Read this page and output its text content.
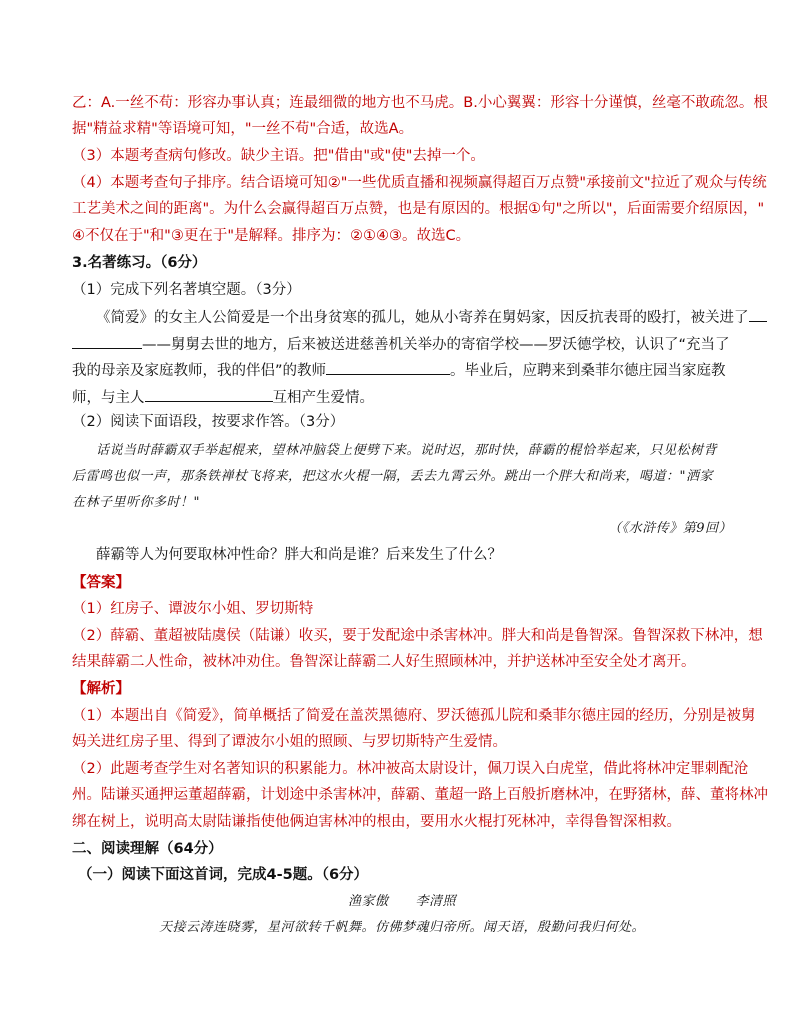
乙：A.一丝不苟：形容办事认真；连最细微的地方也不马虎。B.小心翼翼：形容十分谨慎，丝毫不敢疏忽。根
据"精益求精"等语境可知，"一丝不苟"合适，故选A。
（3）本题考查病句修改。缺少主语。把"借由"或"使"去掉一个。
（4）本题考查句子排序。结合语境可知②"一些优质直播和视频赢得超百万点赞"承接前文"拉近了观众与传统
工艺美术之间的距离"。为什么会赢得超百万点赞，也是有原因的。根据①句"之所以"，后面需要介绍原因，"
④不仅在于"和"③更在于"是解释。排序为：②①④③。故选C。
3.名著练习。（6分）
（1）完成下列名著填空题。（3分）
《简爱》的女主人公简爱是一个出身贫寒的孤儿，她从小寄养在舅妈家，因反抗表哥的殴打，被关进了
——舅舅去世的地方，后来被送进慈善机关举办的寄宿学校——罗沃德学校，认识了“充当了
我的母亲及家庭教师，我的伴侣”的教师	。毕业后，应聘来到桑菲尔德庄园当家庭教
师，与主人	互相产生爱情。
（2）阅读下面语段，按要求作答。（3分）
话说当时薛霸双手举起棍来，望林冲脑袋上便劈下来。说时迟，那时快，薛霸的棍恰举起来，只见松树背
后雷鸣也似一声，那条铁禅杖飞将来，把这水火棍一隔，丢去九霄云外。跳出一个胖大和尚来，喝道："洒家
在林子里听你多时！"
（《水浒传》第9回）
薛霸等人为何要取林冲性命？胖大和尚是谁？后来发生了什么？
【答案】
（1）红房子、谭波尔小姐、罗切斯特
（2）薛霸、董超被陆虞侯（陆谦）收买，要于发配途中杀害林冲。胖大和尚是鲁智深。鲁智深救下林冲，想
结果薛霸二人性命，被林冲劝住。鲁智深让薛霸二人好生照顾林冲，并护送林冲至安全处才离开。
【解析】
（1）本题出自《简爱》，简单概括了简爱在盖茨黑德府、罗沃德孤儿院和桑菲尔德庄园的经历，分别是被舅
妈关进红房子里、得到了谭波尔小姐的照顾、与罗切斯特产生爱情。
（2）此题考查学生对名著知识的积累能力。林冲被高太尉设计，佩刀误入白虎堂，借此将林冲定罪刺配沧
州。陆谦买通押运董超薛霸，计划途中杀害林冲，薛霸、董超一路上百般折磨林冲，在野猪林，薛、董将林冲
绑在树上，说明高太尉陆谦指使他俩迫害林冲的根由，要用水火棍打死林冲，幸得鲁智深相救。
二、阅读理解（64分）
（一）阅读下面这首词，完成4-5题。（6分）
渔家傲　　李清照
天接云涛连晓雾，星河欲转千帆舞。仿佛梦魂归帝所。闻天语，殷勤问我归何处。
